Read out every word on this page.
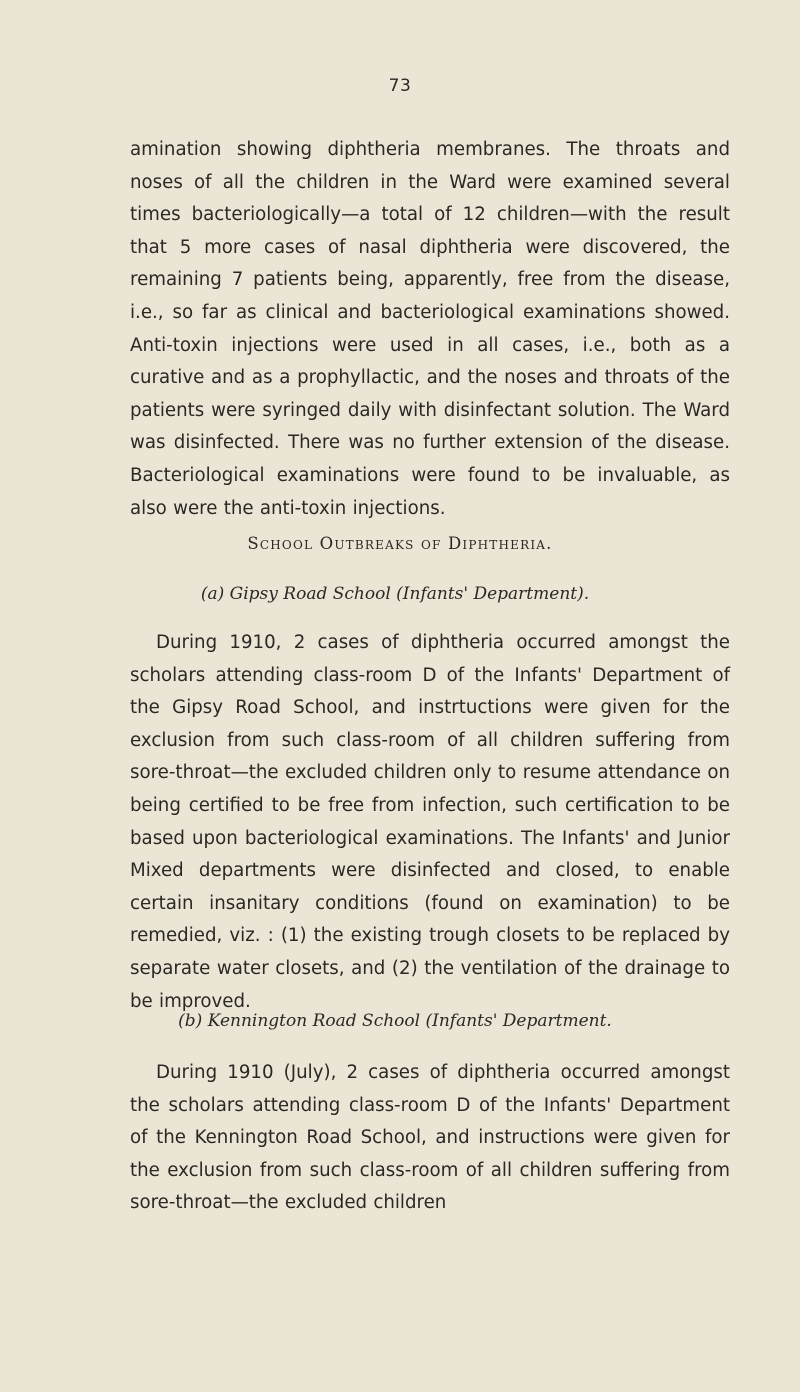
73

amination showing diphtheria membranes. The throats and noses of all the children in the Ward were examined several times bacteriologically—a total of 12 children—with the result that 5 more cases of nasal diphtheria were discovered, the remaining 7 patients being, apparently, free from the disease, i.e., so far as clinical and bacteriological examinations showed. Anti-toxin injections were used in all cases, i.e., both as a curative and as a prophyllactic, and the noses and throats of the patients were syringed daily with disinfectant solution. The Ward was disinfected. There was no further extension of the disease. Bacteriological examinations were found to be invaluable, as also were the anti-toxin injections.

School Outbreaks of Diphtheria.
(a) Gipsy Road School (Infants' Department).

During 1910, 2 cases of diphtheria occurred amongst the scholars attending class-room D of the Infants' Department of the Gipsy Road School, and instrtuctions were given for the exclusion from such class-room of all children suffering from sore-throat—the excluded children only to resume attendance on being certified to be free from infection, such certification to be based upon bacteriological examinations. The Infants' and Junior Mixed departments were disinfected and closed, to enable certain insanitary conditions (found on examination) to be remedied, viz. : (1) the existing trough closets to be replaced by separate water closets, and (2) the ventilation of the drainage to be improved.

(b) Kennington Road School (Infants' Department.

During 1910 (July), 2 cases of diphtheria occurred amongst the scholars attending class-room D of the Infants' Department of the Kennington Road School, and instructions were given for the exclusion from such class-room of all children suffering from sore-throat—the excluded children
